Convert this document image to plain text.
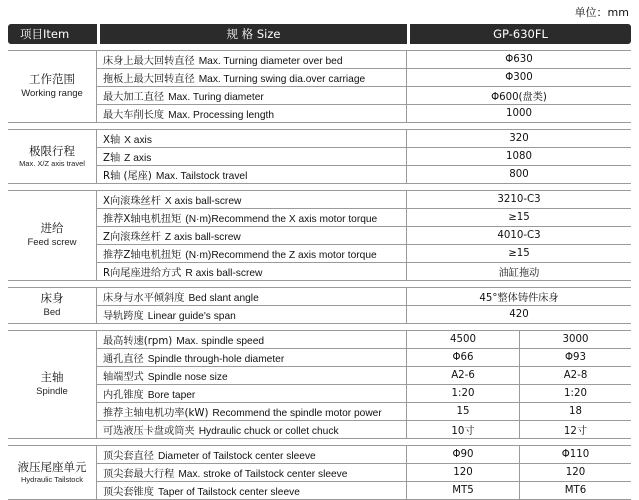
单位：mm
项目Item	规 格 Size	GP-630FL	

工作范围
Working range	床身上最大回转直径 Max. Turning diameter over bed	Φ630	
	拖板上最大回转直径 Max. Turning swing dia.over carriage	Φ300	
	最大加工直径 Max. Turing diameter	Φ600(盘类)	
	最大车削长度 Max. Processing length	1000	

极限行程
Max. X/Z axis travel	X轴 X axis	320	
	Z轴 Z axis	1080	
	R轴 (尾座) Max. Tailstock travel	800	

进给
Feed screw	X向滚珠丝杆 X axis ball-screw	3210-C3	
	推荐X轴电机扭矩 (N·m)Recommend the X axis motor torque	≥15	
	Z向滚珠丝杆 Z axis ball-screw	4010-C3	
	推荐Z轴电机扭矩 (N·m)Recommend the Z axis motor torque	≥15	
	R向尾座进给方式 R axis ball-screw	油缸拖动	

床身
Bed	床身与水平倾斜度 Bed slant angle	45°整体铸件床身	
	导轨跨度 Linear guide's span	420	

主轴
Spindle	最高转速(rpm) Max. spindle speed	4500	3000
	通孔直径 Spindle through-hole diameter	Φ66	Φ93
	轴端型式 Spindle nose size	A2-6	A2-8
	内孔锥度 Bore taper	1:20	1:20
	推荐主轴电机功率(kW) Recommend the spindle motor power	15	18
	可选液压卡盘或筒夹 Hydraulic chuck or collet chuck	10寸	12寸

液压尾座单元
Hydraulic Tailstock	顶尖套直径 Diameter of Tailstock center sleeve	Φ90	Φ110
	顶尖套最大行程 Max. stroke of Tailstock center sleeve	120	120
	顶尖套锥度 Taper of Tailstock center sleeve	MT5	MT6
